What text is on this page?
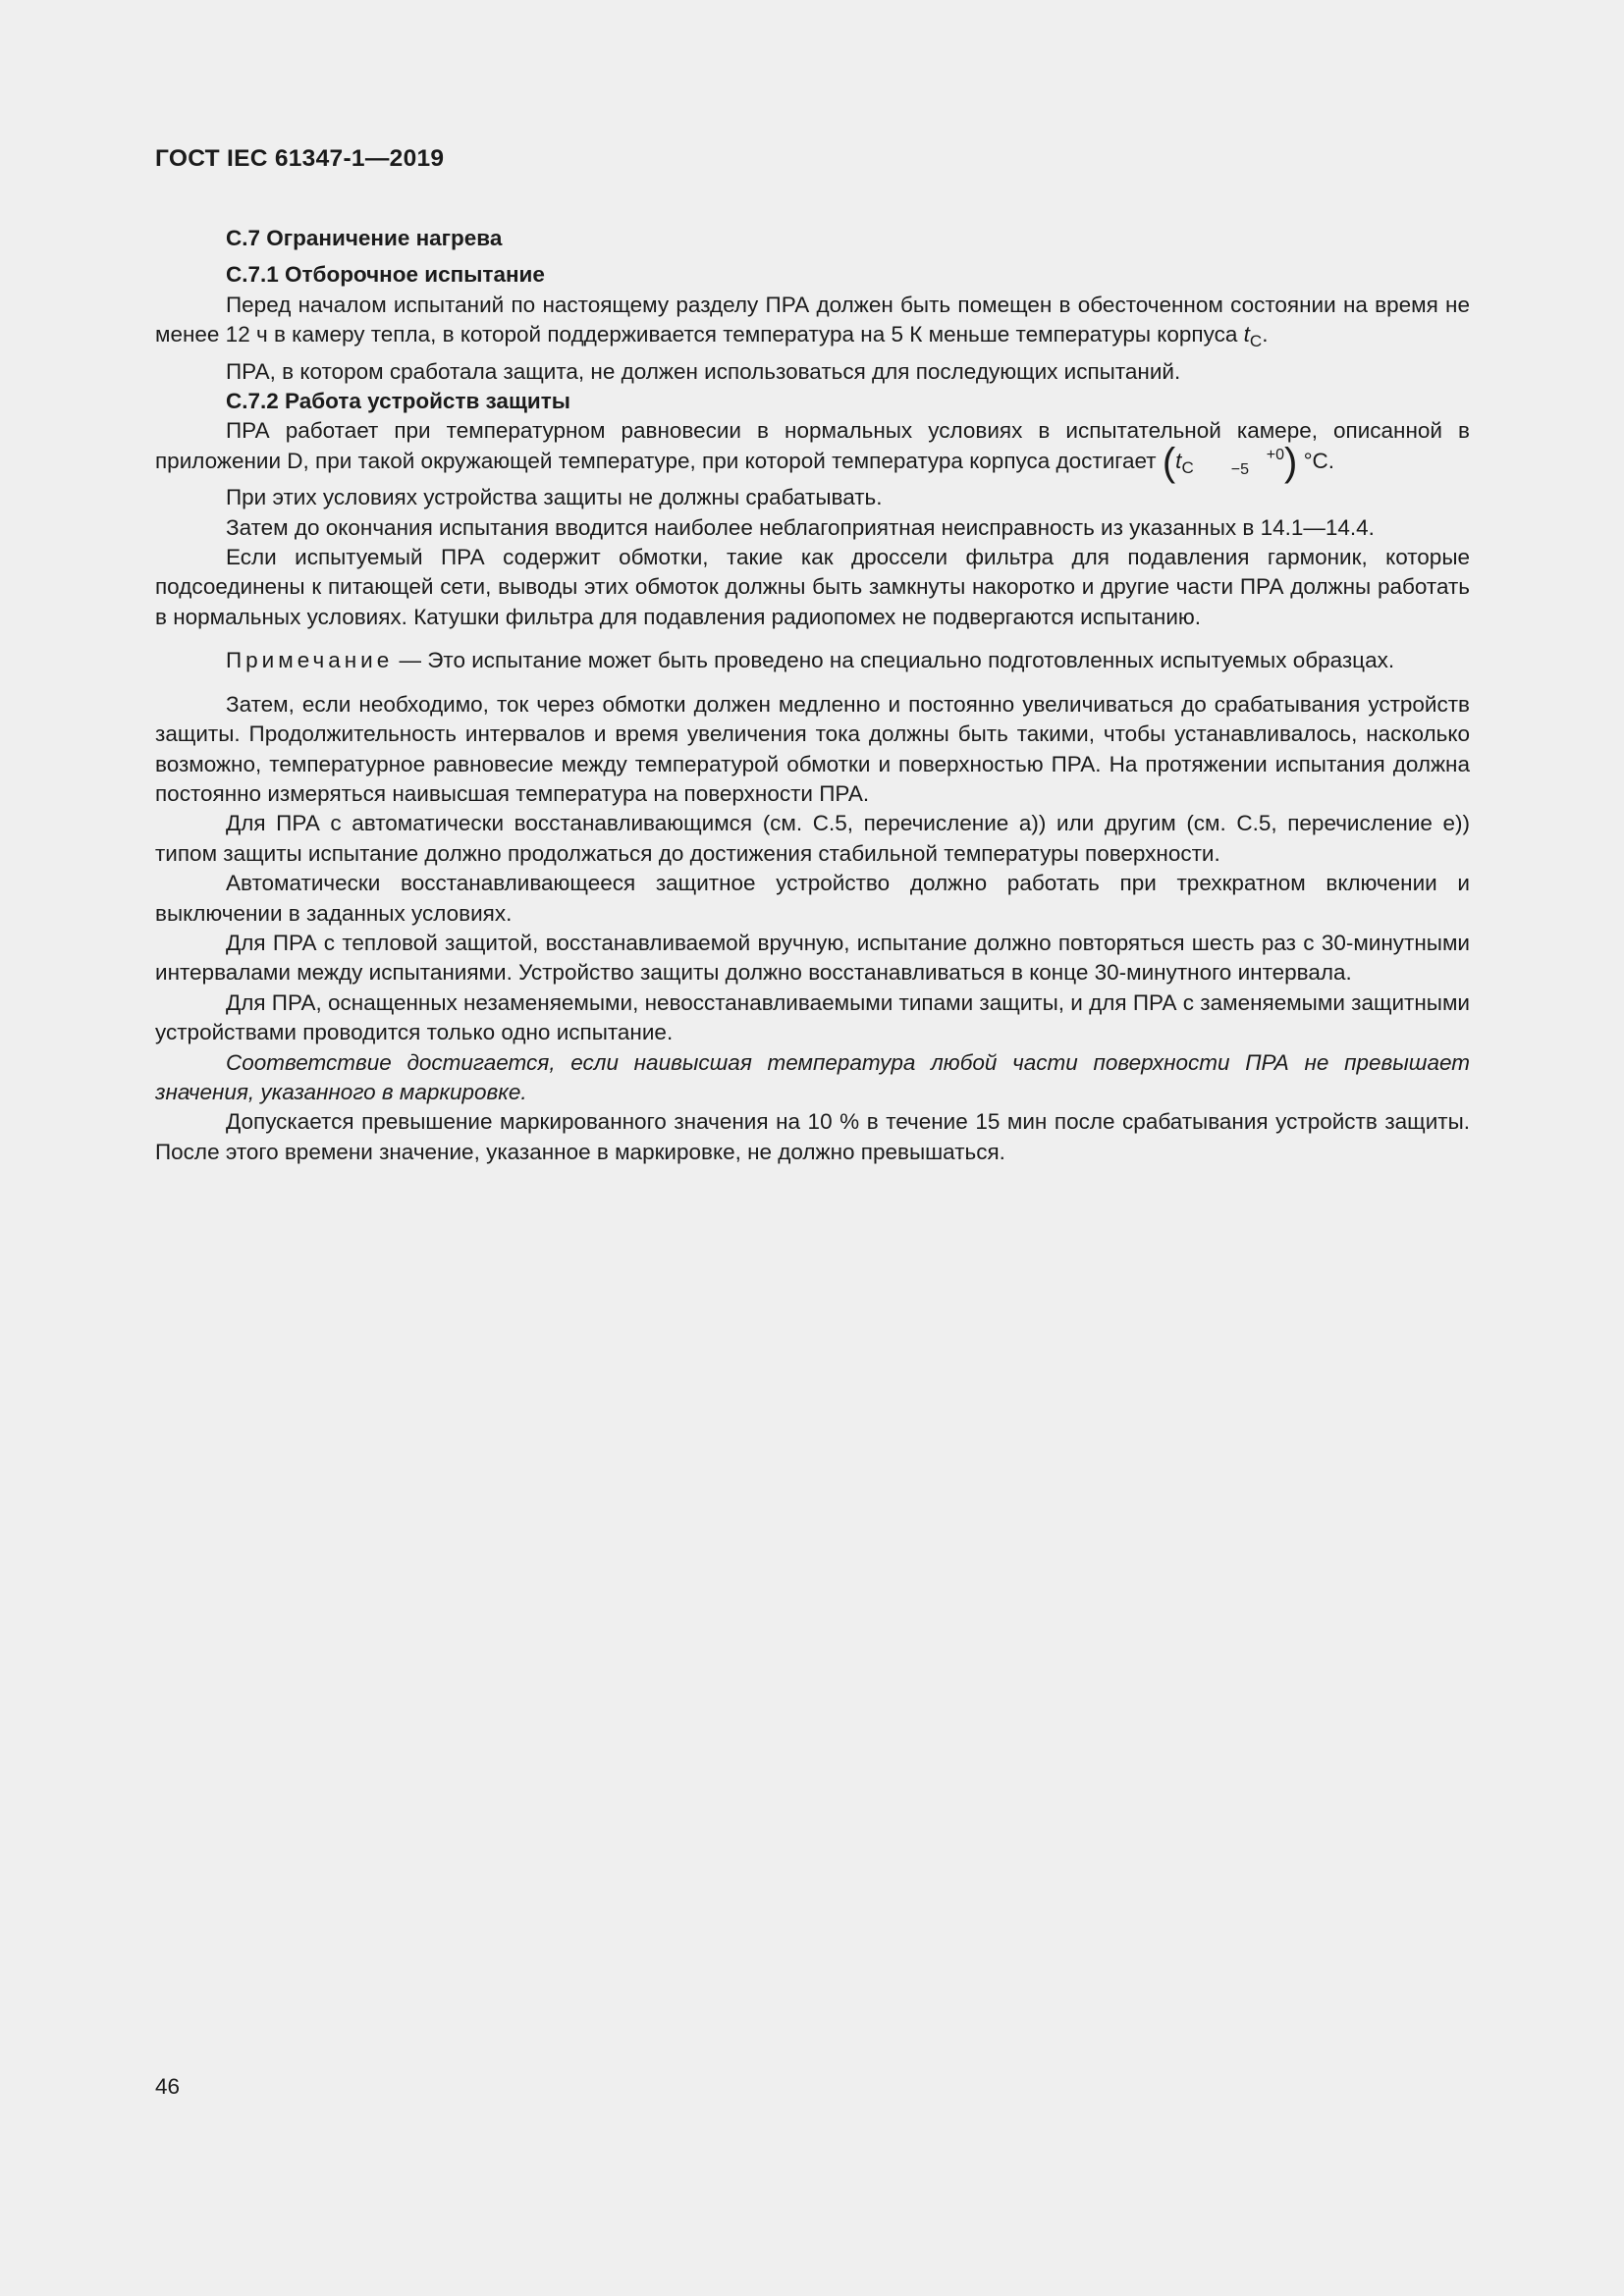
ГОСТ IEC 61347-1—2019

C.7 Ограничение нагрева

C.7.1 Отборочное испытание

Перед началом испытаний по настоящему разделу ПРА должен быть помещен в обесточенном состоянии на время не менее 12 ч в камеру тепла, в которой поддерживается температура на 5 К меньше температуры корпуса $t_C$.

ПРА, в котором сработала защита, не должен использоваться для последующих испытаний.

C.7.2 Работа устройств защиты

ПРА работает при температурном равновесии в нормальных условиях в испытательной камере, описанной в приложении D, при такой окружающей температуре, при которой температура корпуса достигает ($t_C+0$
−5 ) °C.

При этих условиях устройства защиты не должны срабатывать.

Затем до окончания испытания вводится наиболее неблагоприятная неисправность из указанных в 14.1—14.4.

Если испытуемый ПРА содержит обмотки, такие как дроссели фильтра для подавления гармоник, которые подсоединены к питающей сети, выводы этих обмоток должны быть замкнуты накоротко и другие части ПРА должны работать в нормальных условиях. Катушки фильтра для подавления радиопомех не подвергаются испытанию.

Примечание — Это испытание может быть проведено на специально подготовленных испытуемых образцах.

Затем, если необходимо, ток через обмотки должен медленно и постоянно увеличиваться до срабатывания устройств защиты. Продолжительность интервалов и время увеличения тока должны быть такими, чтобы устанавливалось, насколько возможно, температурное равновесие между температурой обмотки и поверхностью ПРА. На протяжении испытания должна постоянно измеряться наивысшая температура на поверхности ПРА.

Для ПРА с автоматически восстанавливающимся (см. C.5, перечисление a)) или другим (см. C.5, перечисление e)) типом защиты испытание должно продолжаться до достижения стабильной температуры поверхности.

Автоматически восстанавливающееся защитное устройство должно работать при трехкратном включении и выключении в заданных условиях.

Для ПРА с тепловой защитой, восстанавливаемой вручную, испытание должно повторяться шесть раз с 30-минутными интервалами между испытаниями. Устройство защиты должно восстанавливаться в конце 30-минутного интервала.

Для ПРА, оснащенных незаменяемыми, невосстанавливаемыми типами защиты, и для ПРА с заменяемыми защитными устройствами проводится только одно испытание.

Соответствие достигается, если наивысшая температура любой части поверхности ПРА не превышает значения, указанного в маркировке.

Допускается превышение маркированного значения на 10 % в течение 15 мин после срабатывания устройств защиты. После этого времени значение, указанное в маркировке, не должно превышаться.

46
